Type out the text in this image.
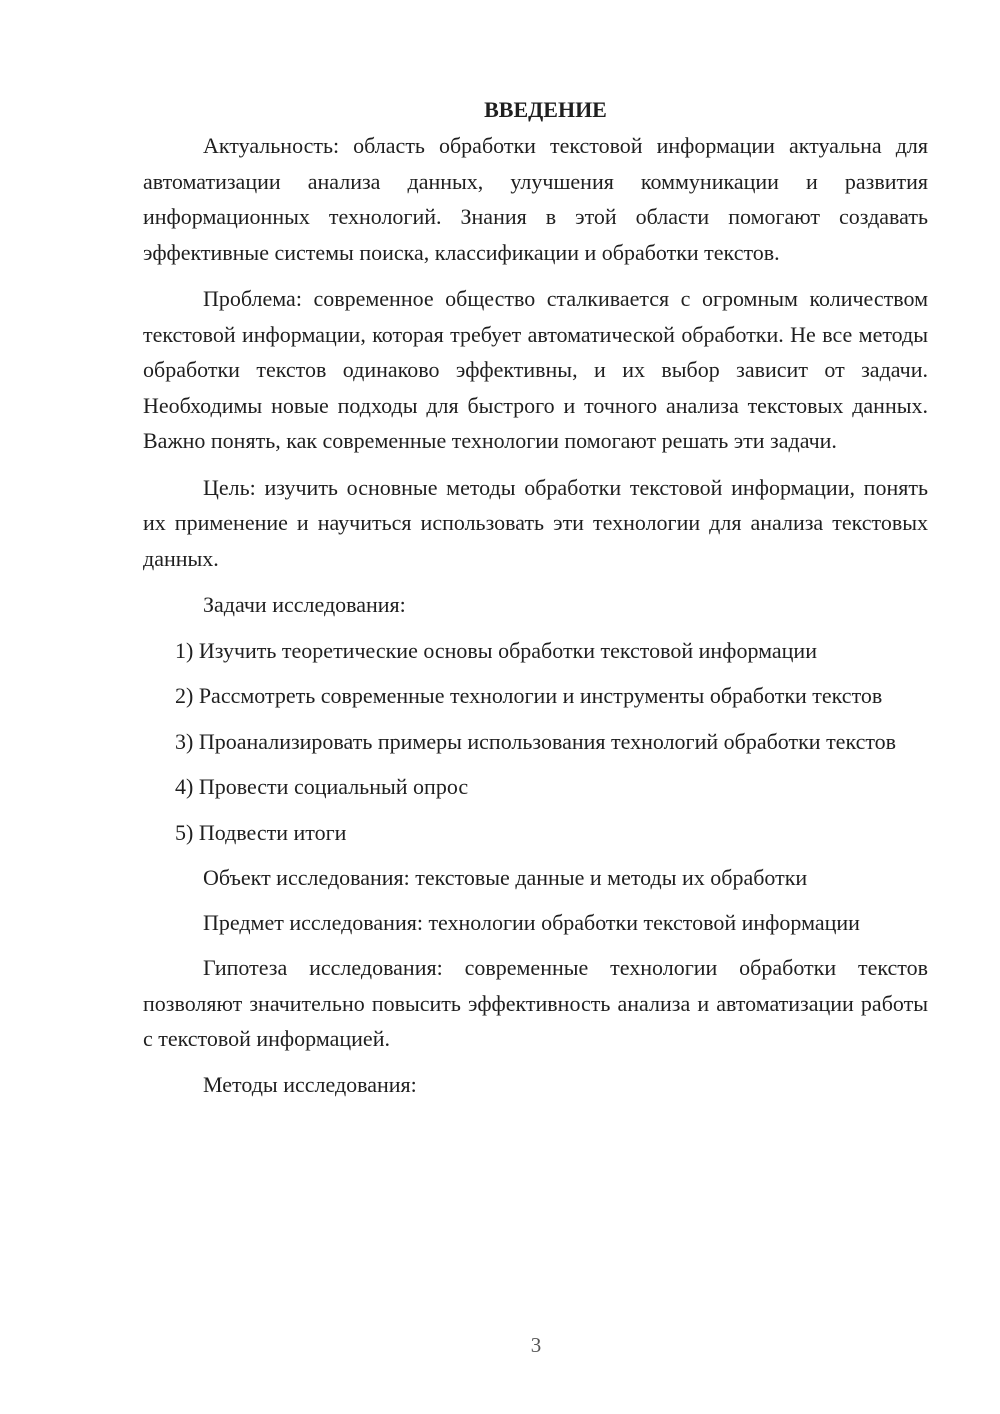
ВВЕДЕНИЕ

Актуальность: область обработки текстовой информации актуальна для автоматизации анализа данных, улучшения коммуникации и развития информационных технологий. Знания в этой области помогают создавать эффективные системы поиска, классификации и обработки текстов.

Проблема: современное общество сталкивается с огромным количеством текстовой информации, которая требует автоматической обработки. Не все методы обработки текстов одинаково эффективны, и их выбор зависит от задачи. Необходимы новые подходы для быстрого и точного анализа текстовых данных. Важно понять, как современные технологии помогают решать эти задачи.

Цель: изучить основные методы обработки текстовой информации, понять их применение и научиться использовать эти технологии для анализа текстовых данных.

Задачи исследования:

1) Изучить теоретические основы обработки текстовой информации

2) Рассмотреть современные технологии и инструменты обработки текстов

3) Проанализировать примеры использования технологий обработки текстов

4) Провести социальный опрос

5) Подвести итоги

Объект исследования: текстовые данные и методы их обработки

Предмет исследования: технологии обработки текстовой информации

Гипотеза исследования: современные технологии обработки текстов позволяют значительно повысить эффективность анализа и автоматизации работы с текстовой информацией.

Методы исследования:

3
